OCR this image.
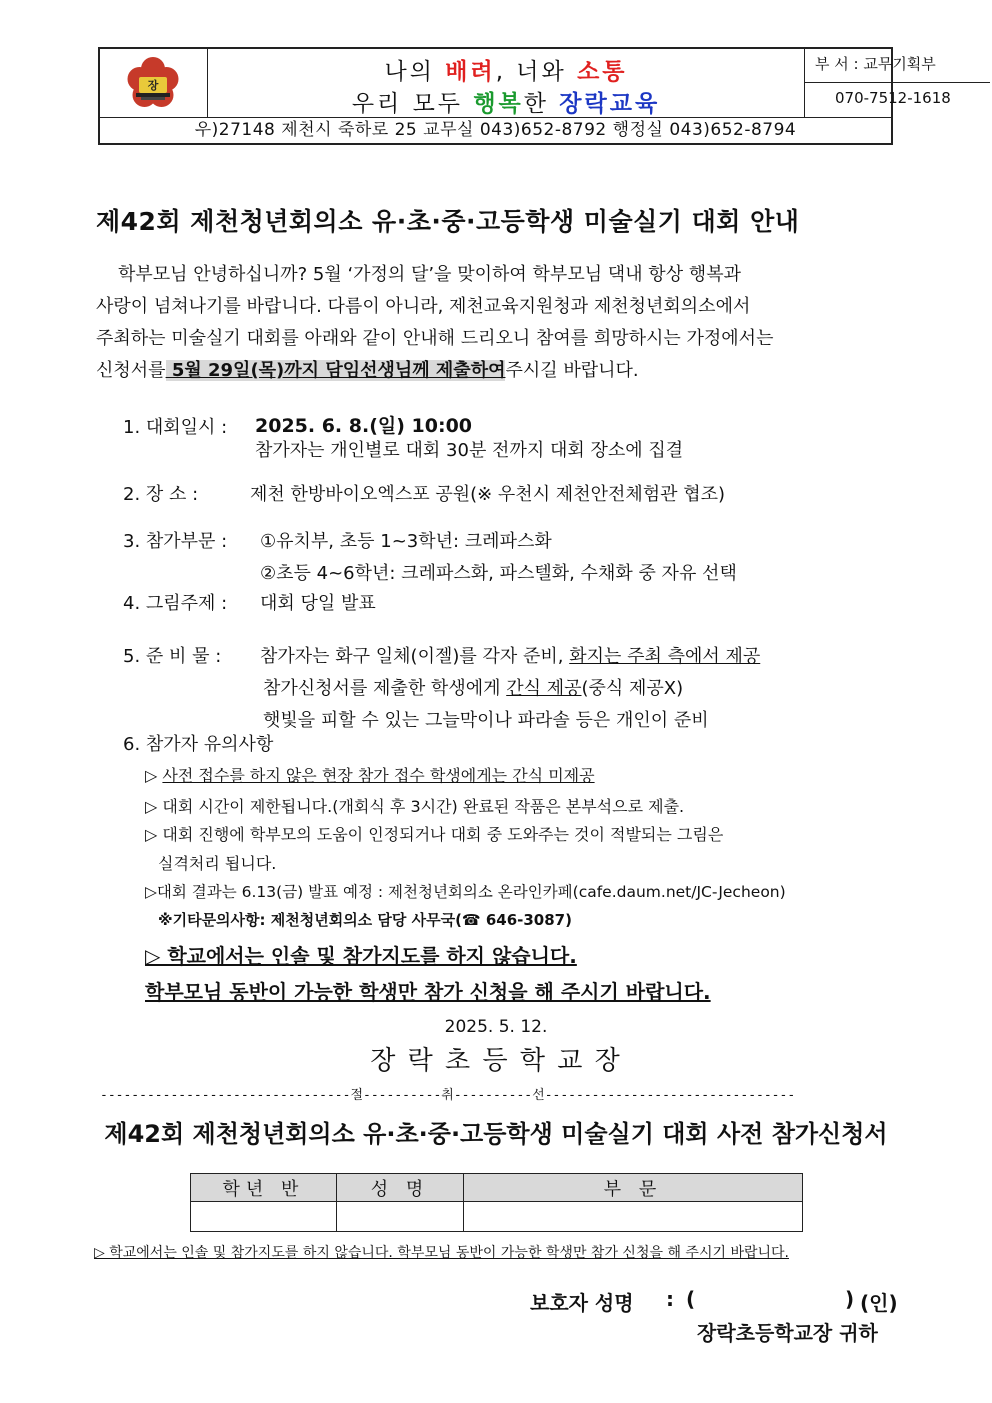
장
나의 배려, 너와 소통
우리 모두 행복한 장락교육
부 서 : 교무기획부
070-7512-1618
우)27148 제천시 죽하로 25 교무실 043)652-8792 행정실 043)652-8794
제42회 제천청년회의소 유·초·중·고등학생 미술실기 대회 안내
학부모님 안녕하십니까? 5월 ‘가정의 달’을 맞이하여 학부모님 댁내 항상 행복과
사랑이 넘쳐나기를 바랍니다. 다름이 아니라, 제천교육지원청과 제천청년회의소에서
주최하는 미술실기 대회를 아래와 같이 안내해 드리오니 참여를 희망하시는 가정에서는
신청서를 5월 29일(목)까지 담임선생님께 제출하여주시길 바랍니다.
1. 대회일시 : 2025. 6. 8.(일) 10:00
참가자는 개인별로 대회 30분 전까지 대회 장소에 집결
2. 장 소 :	제천 한방바이오엑스포 공원(※ 우천시 제천안전체험관 협조)
3. 참가부문 : ①유치부, 초등 1~3학년: 크레파스화
②초등 4~6학년: 크레파스화, 파스텔화, 수채화 중 자유 선택
4. 그림주제 : 대회 당일 발표
5. 준 비 물 : 참가자는 화구 일체(이젤)를 각자 준비, 화지는 주최 측에서 제공
참가신청서를 제출한 학생에게 간식 제공(중식 제공X)
햇빛을 피할 수 있는 그늘막이나 파라솔 등은 개인이 준비
6. 참가자 유의사항
▷ 사전 접수를 하지 않은 현장 참가 접수 학생에게는 간식 미제공
▷ 대회 시간이 제한됩니다.(개회식 후 3시간) 완료된 작품은 본부석으로 제출.
▷ 대회 진행에 학부모의 도움이 인정되거나 대회 중 도와주는 것이 적발되는 그림은
실격처리 됩니다.
▷대회 결과는 6.13(금) 발표 예정 : 제천청년회의소 온라인카페(cafe.daum.net/JC-Jecheon)
※기타문의사항: 제천청년회의소 담당 사무국(☎ 646-3087)
▷ 학교에서는 인솔 및 참가지도를 하지 않습니다.
학부모님 동반이 가능한 학생만 참가 신청을 해 주시기 바랍니다.
2025. 5. 12.
장 락 초 등 학 교 장
--------------------------------절----------취----------선--------------------------------
제42회 제천청년회의소 유·초·중·고등학생 미술실기 대회 사전 참가신청서
학년 반	성 명	부 문

▷ 학교에서는 인솔 및 참가지도를 하지 않습니다. 학부모님 동반이 가능한 학생만 참가 신청을 해 주시기 바랍니다.
보호자 성명 : (	) (인)
장락초등학교장 귀하
